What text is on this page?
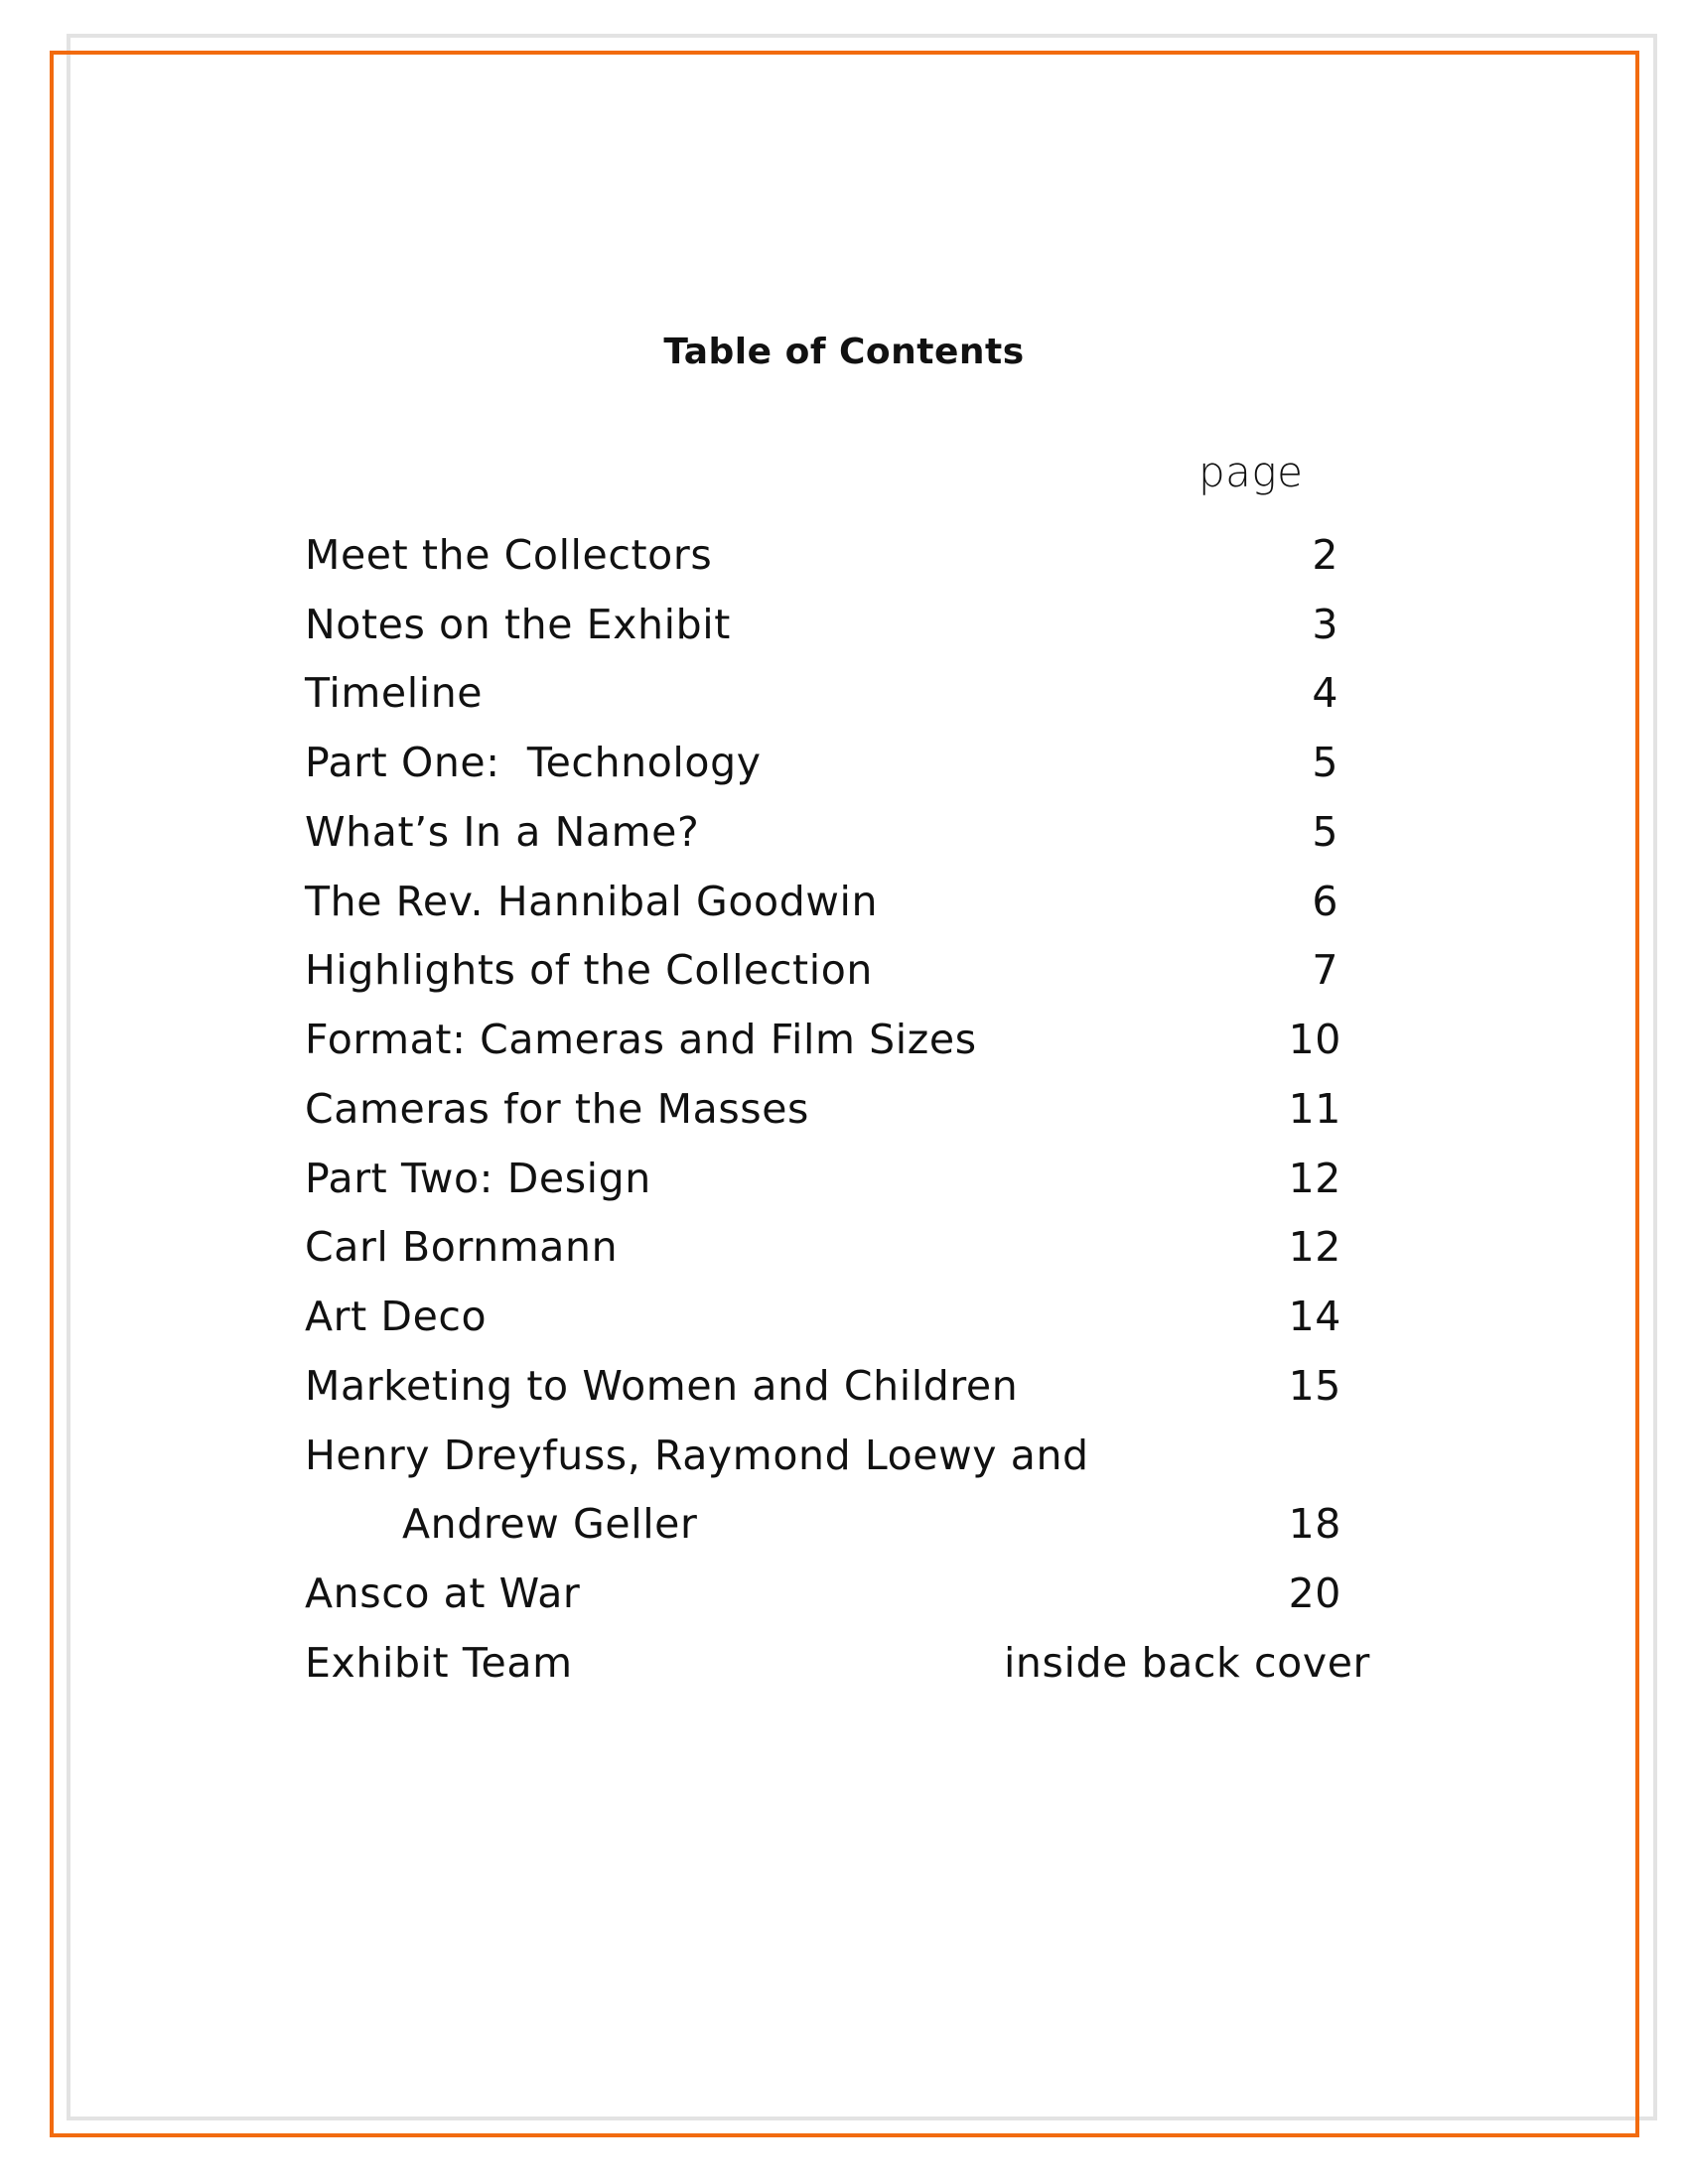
Table of Contents
page
Meet the Collectors	2
Notes on the Exhibit	3
Timeline	4
Part One:  Technology	5
What’s In a Name?	5
The Rev. Hannibal Goodwin	6
Highlights of the Collection	7
Format: Cameras and Film Sizes	10
Cameras for the Masses	11
Part Two: Design	12
Carl Bornmann	12
Art Deco	14
Marketing to Women and Children	15
Henry Dreyfuss, Raymond Loewy and
Andrew Geller	18
Ansco at War	20
Exhibit Team	inside back cover
